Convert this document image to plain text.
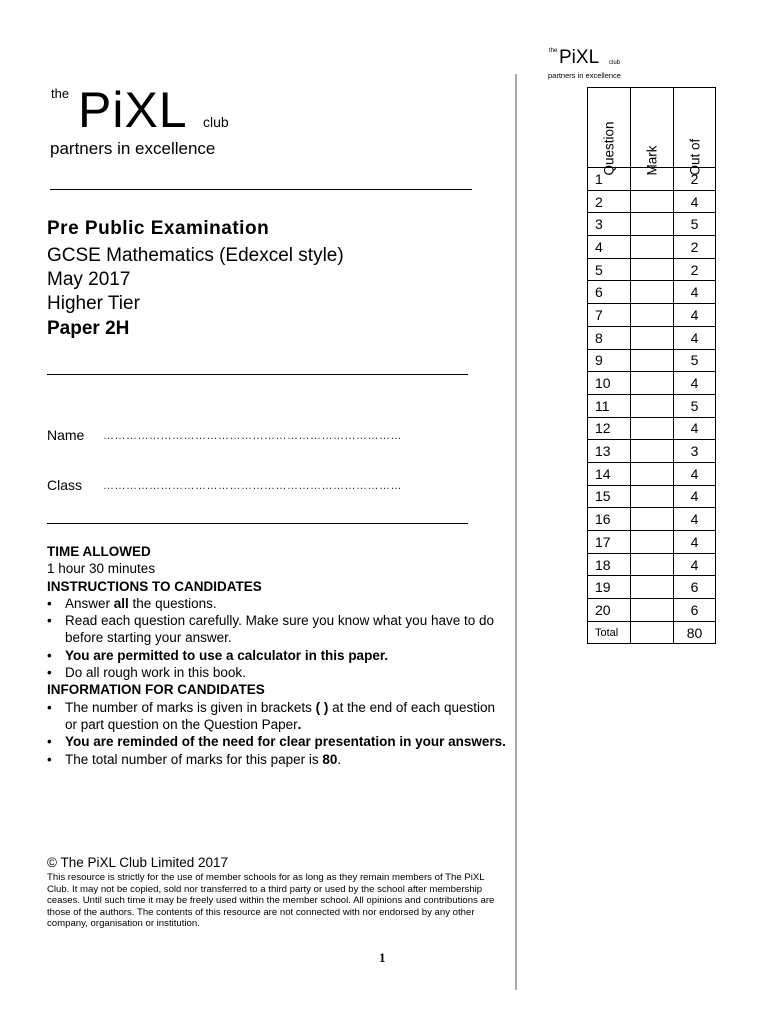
the PiXL club
partners in excellence
the PiXL club
partners in excellence
Pre Public Examination
GCSE Mathematics (Edexcel style)
May 2017
Higher Tier
Paper 2H
Name ……………………………………………………………………
Class ……………………………………………………………………
TIME ALLOWED
1 hour 30 minutes
INSTRUCTIONS TO CANDIDATES
• Answer all the questions.
• Read each question carefully. Make sure you know what you have to do before starting your answer.
• You are permitted to use a calculator in this paper.
• Do all rough work in this book.
INFORMATION FOR CANDIDATES
• The number of marks is given in brackets ( ) at the end of each question or part question on the Question Paper.
• You are reminded of the need for clear presentation in your answers.
• The total number of marks for this paper is 80.
© The PiXL Club Limited 2017
This resource is strictly for the use of member schools for as long as they remain members of The PiXL Club. It may not be copied, sold nor transferred to a third party or used by the school after membership ceases. Until such time it may be freely used within the member school. All opinions and contributions are those of the authors. The contents of this resource are not connected with nor endorsed by any other company, organisation or institution.
1
Question	Mark	Out of

1		2
2		4
3		5
4		2
5		2
6		4
7		4
8		4
9		5
10		4
11		5
12		4
13		3
14		4
15		4
16		4
17		4
18		4
19		6
20		6
Total		80
